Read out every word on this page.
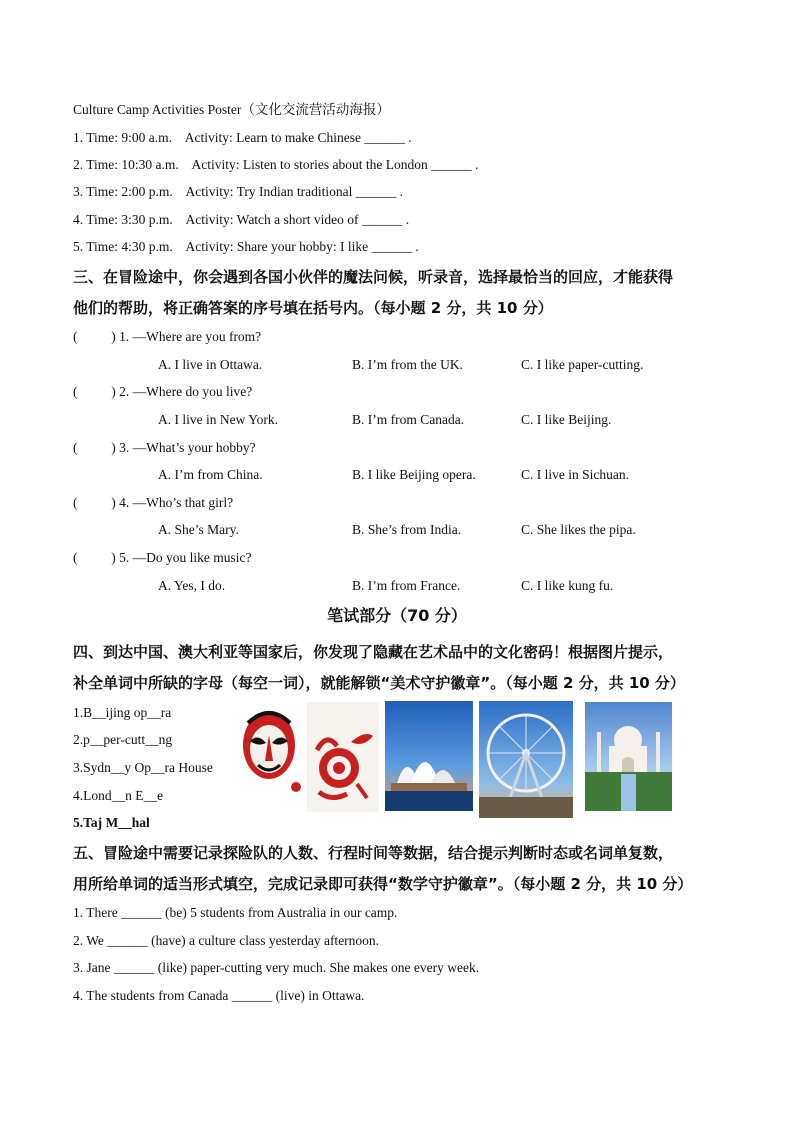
Culture Camp Activities Poster（文化交流营活动海报）
1. Time: 9:00 a.m.    Activity: Learn to make Chinese ______ .
2. Time: 10:30 a.m.    Activity: Listen to stories about the London ______ .
3. Time: 2:00 p.m.    Activity: Try Indian traditional ______ .
4. Time: 3:30 p.m.    Activity: Watch a short video of ______ .
5. Time: 4:30 p.m.    Activity: Share your hobby: I like ______ .
三、在冒险途中，你会遇到各国小伙伴的魔法问候，听录音，选择最恰当的回应，才能获得
他们的帮助，将正确答案的序号填在括号内。（每小题 2 分，共 10 分）
(          ) 1. —Where are you from?
A. I live in Ottawa.	B. I’m from the UK.	C. I like paper-cutting.
(          ) 2. —Where do you live?
A. I live in New York.	B. I’m from Canada.	C. I like Beijing.
(          ) 3. —What’s your hobby?
A. I’m from China.	B. I like Beijing opera.	C. I live in Sichuan.
(          ) 4. —Who’s that girl?
A. She’s Mary.	B. She’s from India.	C. She likes the pipa.
(          ) 5. —Do you like music?
A. Yes, I do.	B. I’m from France.	C. I like kung fu.
笔试部分（70 分）
四、到达中国、澳大利亚等国家后，你发现了隐藏在艺术品中的文化密码！根据图片提示，
补全单词中所缺的字母（每空一词），就能解锁“美术守护徽章”。（每小题 2 分，共 10 分）
1.B__ijing op__ra
2.p__per-cutt__ng
3.Sydn__y Op__ra House
4.Lond__n E__e
5.Taj M__hal
五、冒险途中需要记录探险队的人数、行程时间等数据，结合提示判断时态或名词单复数，
用所给单词的适当形式填空，完成记录即可获得“数学守护徽章”。（每小题 2 分，共 10 分）
1. There ______ (be) 5 students from Australia in our camp.
2. We ______ (have) a culture class yesterday afternoon.
3. Jane ______ (like) paper-cutting very much. She makes one every week.
4. The students from Canada ______ (live) in Ottawa.
